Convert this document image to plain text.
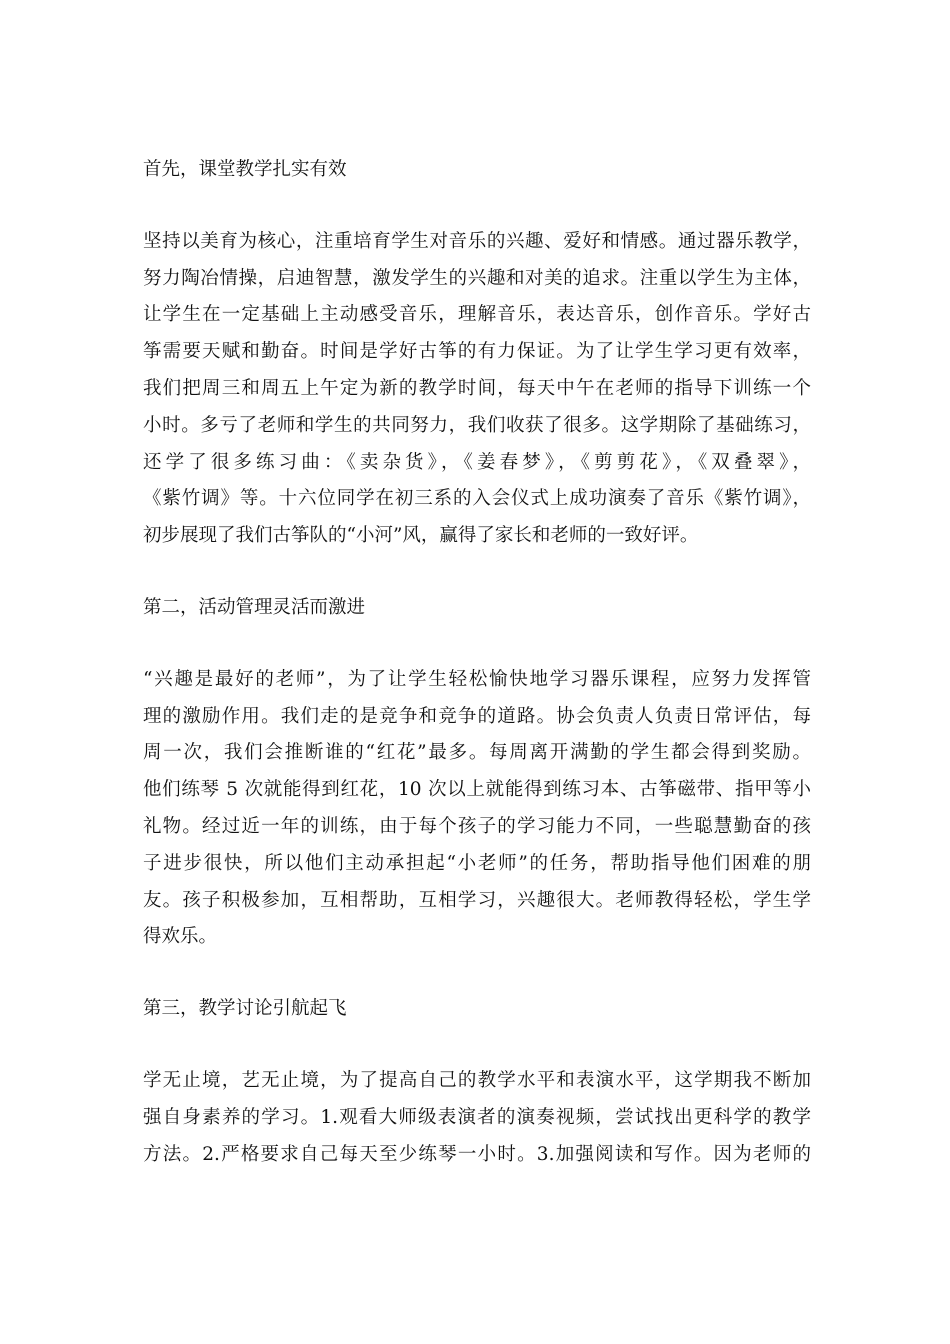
首先，课堂教学扎实有效

坚持以美育为核心，注重培育学生对音乐的兴趣、爱好和情感。通过器乐教学，
努力陶冶情操，启迪智慧，激发学生的兴趣和对美的追求。注重以学生为主体，
让学生在一定基础上主动感受音乐，理解音乐，表达音乐，创作音乐。学好古
筝需要天赋和勤奋。时间是学好古筝的有力保证。为了让学生学习更有效率，
我们把周三和周五上午定为新的教学时间，每天中午在老师的指导下训练一个
小时。多亏了老师和学生的共同努力，我们收获了很多。这学期除了基础练习，
还学了很多练习曲：《卖杂货》，《姜春梦》，《剪剪花》，《双叠翠》，
《紫竹调》等。十六位同学在初三系的入会仪式上成功演奏了音乐《紫竹调》，
初步展现了我们古筝队的“小河”风，赢得了家长和老师的一致好评。

第二，活动管理灵活而激进

“兴趣是最好的老师”，为了让学生轻松愉快地学习器乐课程，应努力发挥管
理的激励作用。我们走的是竞争和竞争的道路。协会负责人负责日常评估，每
周一次，我们会推断谁的“红花”最多。每周离开满勤的学生都会得到奖励。
他们练琴 5 次就能得到红花，10 次以上就能得到练习本、古筝磁带、指甲等小
礼物。经过近一年的训练，由于每个孩子的学习能力不同，一些聪慧勤奋的孩
子进步很快，所以他们主动承担起“小老师”的任务，帮助指导他们困难的朋
友。孩子积极参加，互相帮助，互相学习，兴趣很大。老师教得轻松，学生学
得欢乐。

第三，教学讨论引航起飞

学无止境，艺无止境，为了提高自己的教学水平和表演水平，这学期我不断加
强自身素养的学习。1.观看大师级表演者的演奏视频，尝试找出更科学的教学
方法。2.严格要求自己每天至少练琴一小时。3.加强阅读和写作。因为老师的
